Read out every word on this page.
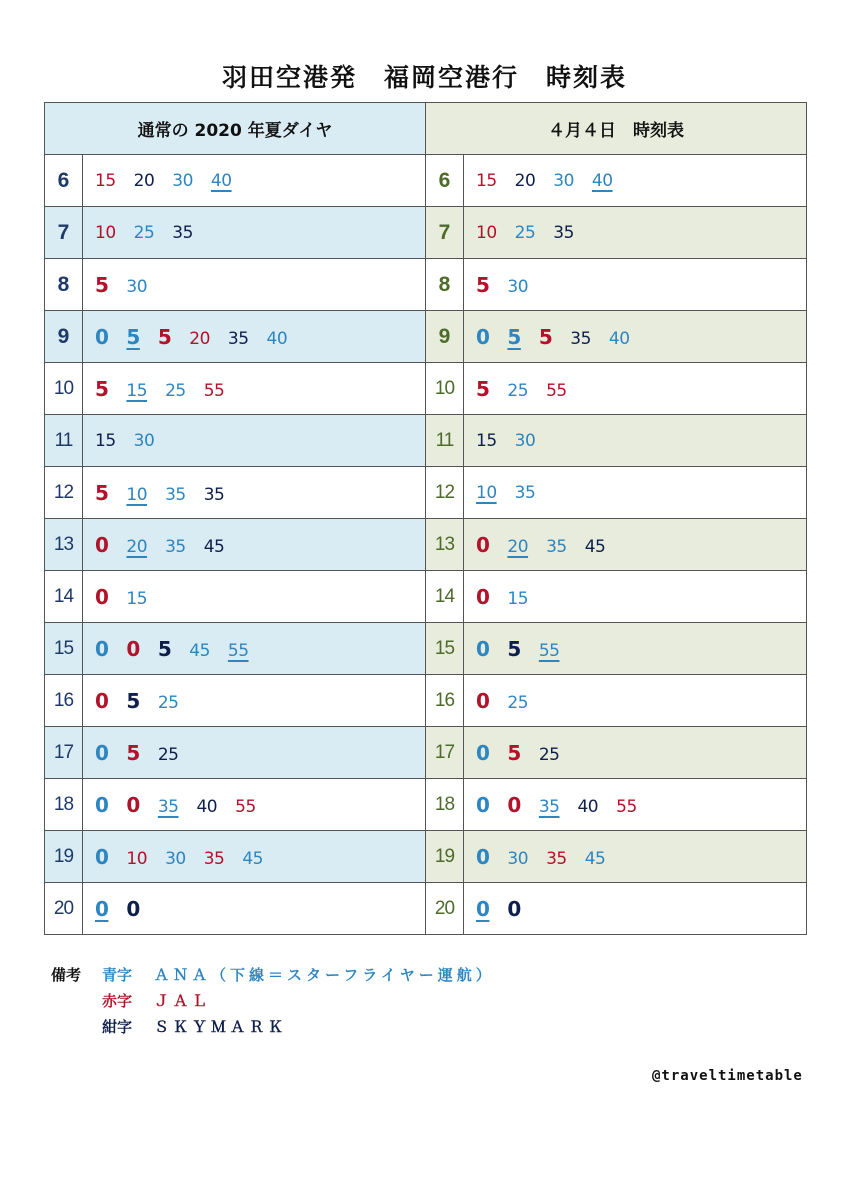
羽田空港発　福岡空港行　時刻表
通常の 2020 年夏ダイヤ		４月４日　時刻表	
6	15 20 30 40	6	15 20 30 40
7	10 25 35	7	10 25 35
8	5 30	8	5 30
9	0 5 5 20 35 40	9	0 5 5 35 40
10	5 15 25 55	10	5 25 55
11	15 30	11	15 30
12	5 10 35 35	12	10 35
13	0 20 35 45	13	0 20 35 45
14	0 15	14	0 15
15	0 0 5 45 55	15	0 5 55
16	0 5 25	16	0 25
17	0 5 25	17	0 5 25
18	0 0 35 40 55	18	0 0 35 40 55
19	0 10 30 35 45	19	0 30 35 45
20	0 0	20	0 0
備考	青字	ＡＮＡ（下線＝スターフライヤー運航）
赤字	ＪＡＬ
紺字	ＳＫＹＭＡＲＫ
@traveltimetable
